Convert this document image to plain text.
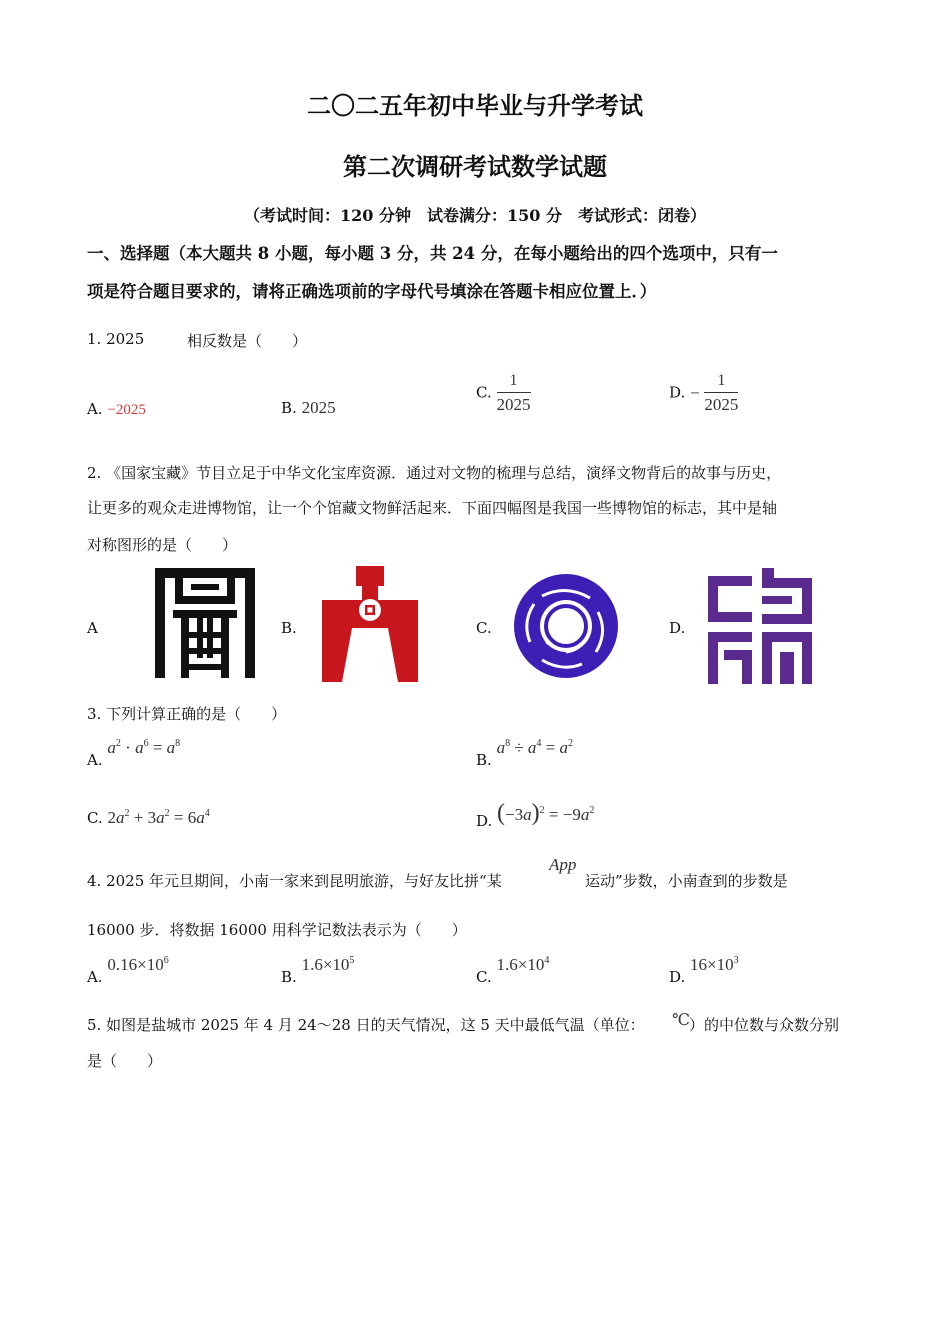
二〇二五年初中毕业与升学考试
第二次调研考试数学试题
（考试时间：120 分钟　试卷满分：150 分　考试形式：闭卷）
一、选择题（本大题共 8 小题，每小题 3 分，共 24 分，在每小题给出的四个选项中，只有一
项是符合题目要求的，请将正确选项前的字母代号填涂在答题卡相应位置上．）
1. 2025	相反数是（　　）
A. −2025	B. 2025
C. $\frac{1}{2025}$	D. − $\frac{1}{2025}$
2. 《国家宝藏》节目立足于中华文化宝库资源．通过对文物的梳理与总结，演绎文物背后的故事与历史，
让更多的观众走进博物馆，让一个个馆藏文物鲜活起来．下面四幅图是我国一些博物馆的标志，其中是轴
对称图形的是（　　）
A	B.	C.	D.
3. 下列计算正确的是（　　）
A. $a^2 \cdot a^6 = a^8$
B. $a^8 \div a^4 = a^2$
C. $2a^2 + 3a^2 = 6a^4$	D. $(-3a)^2 = -9a^2$
4. 2025 年元旦期间，小南一家来到昆明旅游，与好友比拼“某
App
运动”步数，小南查到的步数是
16000 步．将数据 16000 用科学记数法表示为（　　）
A. $0.16\times 10^6$
B. $1.6\times 10^5$
C. $1.6\times 10^4$
D. $16\times 10^3$
5. 如图是盐城市 2025 年 4 月 24～28 日的天气情况，这 5 天中最低气温（单位： ℃ ）的中位数与众数分别
是（　　）
